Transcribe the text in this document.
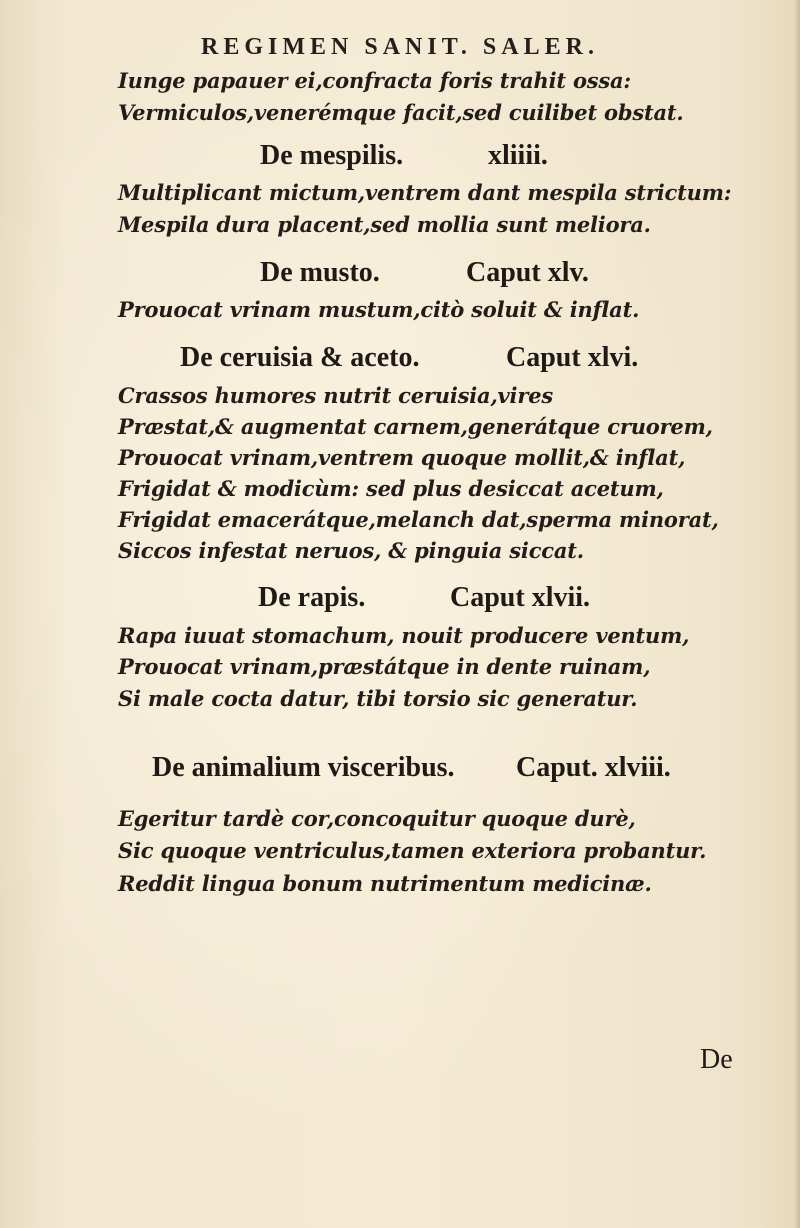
REGIMEN SANIT. SALER.

Iunge papauer ei,confracta foris trahit ossa:

Vermiculos,venerémque facit,sed cuilibet obstat.

De mespilis.	xliiii.

Multiplicant mictum,ventrem dant mespila strictum:

Mespila dura placent,sed mollia sunt meliora.

De musto.	Caput xlv.

Prouocat vrinam mustum,citò soluit & inflat.

De ceruisia & aceto.	Caput xlvi.

Crassos humores nutrit ceruisia,vires

Præstat,& augmentat carnem,generátque cruorem,

Prouocat vrinam,ventrem quoque mollit,& inflat,

Frigidat & modicùm: sed plus desiccat acetum,

Frigidat emacerátque,melanch dat,sperma minorat,

Siccos infestat neruos, & pinguia siccat.

De rapis.	Caput xlvii.

Rapa iuuat stomachum, nouit producere ventum,

Prouocat vrinam,præstátque in dente ruinam,

Si male cocta datur, tibi torsio sic generatur.

De animalium visceribus. Caput. xlviii.

Egeritur tardè cor,concoquitur quoque durè,

Sic quoque ventriculus,tamen exteriora probantur.

Reddit lingua bonum nutrimentum medicinæ.

De
